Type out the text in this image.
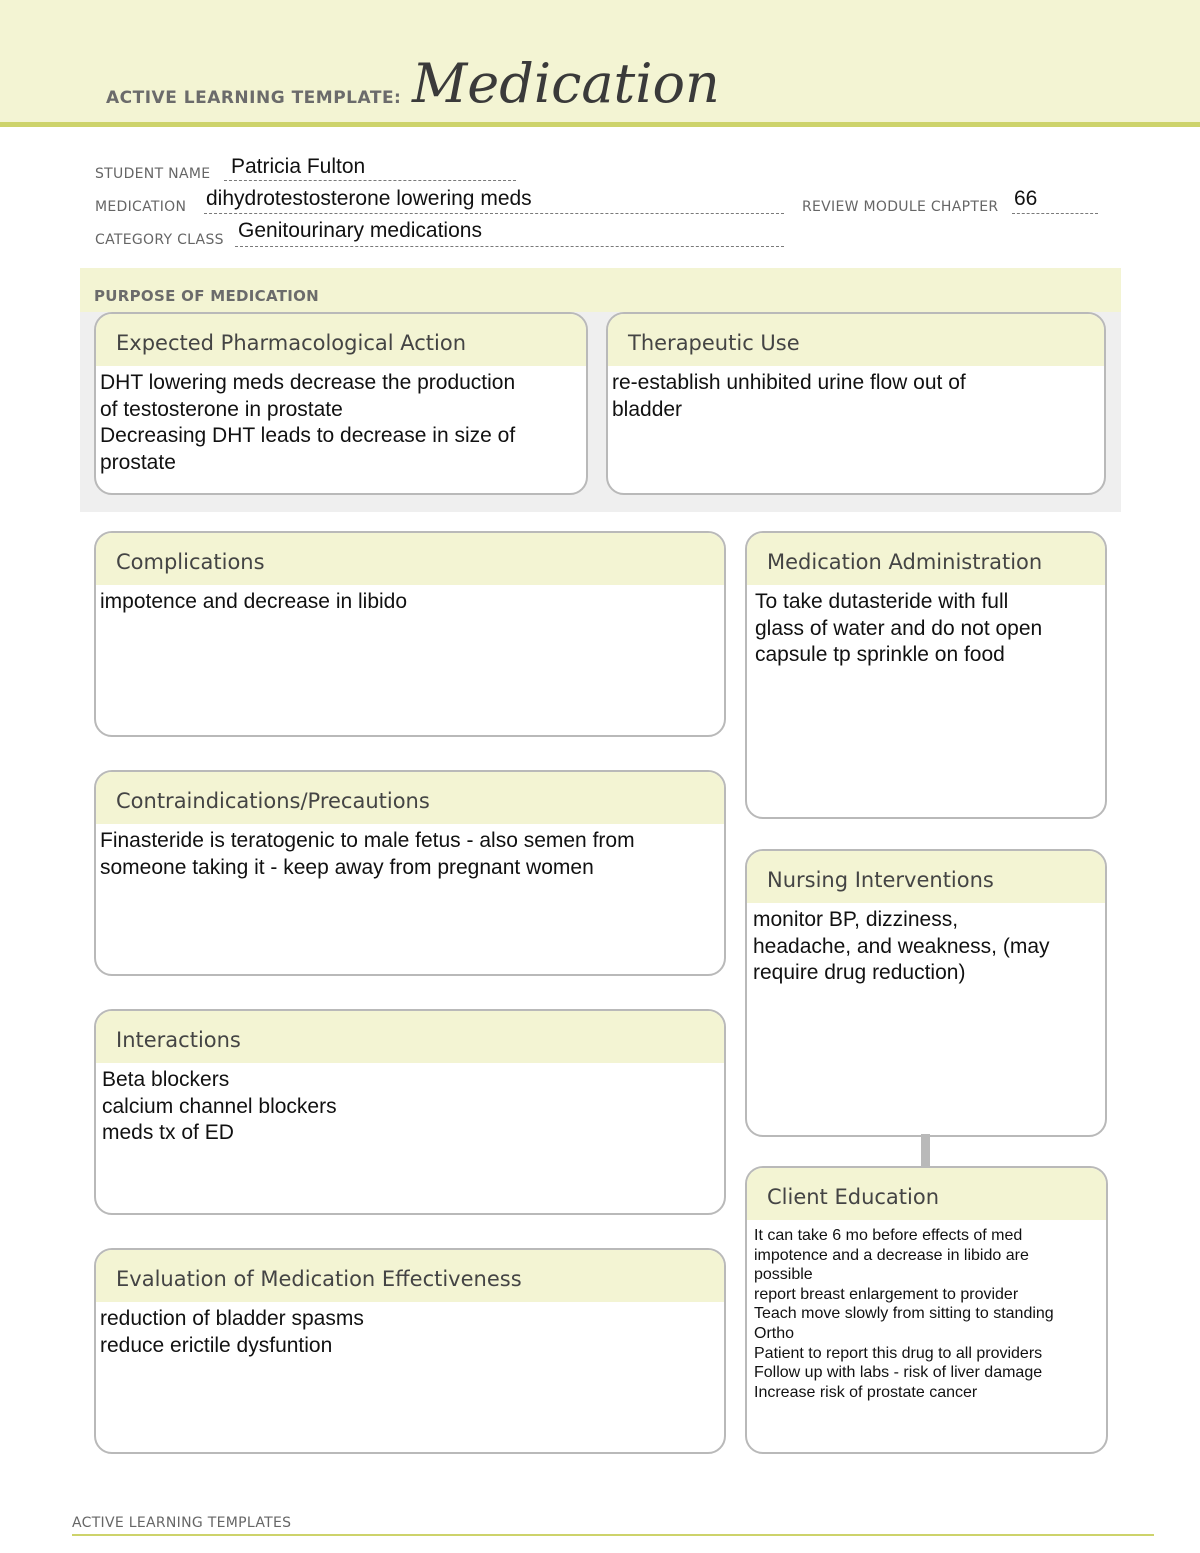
ACTIVE LEARNING TEMPLATE: Medication
STUDENT NAME Patricia Fulton
MEDICATION dihydrotestosterone lowering meds	REVIEW MODULE CHAPTER 66
CATEGORY CLASS Genitourinary medications
PURPOSE OF MEDICATION
Expected Pharmacological Action
DHT lowering meds decrease the production
of testosterone in prostate
Decreasing DHT leads to decrease in size of
prostate
Therapeutic Use
re-establish unhibited urine flow out of
bladder
Complications
impotence and decrease in libido
Contraindications/Precautions
Finasteride is teratogenic to male fetus - also semen from
someone taking it - keep away from pregnant women
Interactions
Beta blockers
calcium channel blockers
meds tx of ED
Evaluation of Medication Effectiveness
reduction of bladder spasms
reduce erictile dysfuntion
Medication Administration
To take dutasteride with full
glass of water and do not open
capsule tp sprinkle on food
Nursing Interventions
monitor BP, dizziness,
headache, and weakness, (may
require drug reduction)
Client Education
It can take 6 mo before effects of med
impotence and a decrease in libido are
possible
report breast enlargement to provider
Teach move slowly from sitting to standing
Ortho
Patient to report this drug to all providers
Follow up with labs - risk of liver damage
Increase risk of prostate cancer
ACTIVE LEARNING TEMPLATES
